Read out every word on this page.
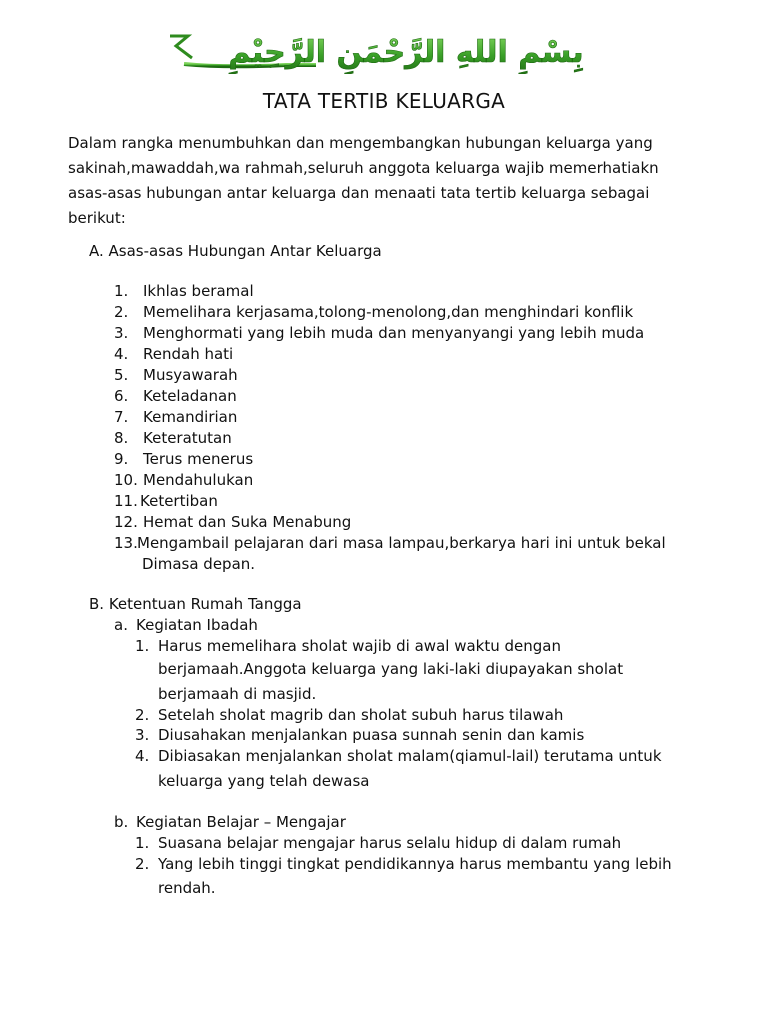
بِسْمِ اللهِ الرَّحْمَنِ الرَّحِيْمِ
TATA TERTIB KELUARGA

Dalam rangka menumbuhkan dan mengembangkan hubungan keluarga yang

sakinah,mawaddah,wa rahmah,seluruh anggota keluarga wajib memerhatiakn

asas-asas hubungan antar keluarga dan menaati tata tertib keluarga sebagai

berikut:

A. Asas-asas Hubungan Antar Keluarga
1. Ikhlas beramal
2. Memelihara kerjasama,tolong-menolong,dan menghindari konflik
3. Menghormati yang lebih muda dan menyanyangi yang lebih muda
4. Rendah hati
5. Musyawarah
6. Keteladanan
7. Kemandirian
8. Keteratutan
9. Terus menerus
10. Mendahulukan
11. Ketertiban
12. Hemat dan Suka Menabung
13.Mengambail pelajaran dari masa lampau,berkarya hari ini untuk bekal
Dimasa depan.
B. Ketentuan Rumah Tangga
a. Kegiatan Ibadah
1. Harus memelihara sholat wajib di awal waktu dengan
berjamaah.Anggota keluarga yang laki-laki diupayakan sholat
berjamaah di masjid.
2. Setelah sholat magrib dan sholat subuh harus tilawah
3. Diusahakan menjalankan puasa sunnah senin dan kamis
4. Dibiasakan menjalankan sholat malam(qiamul-lail) terutama untuk
keluarga yang telah dewasa
b. Kegiatan Belajar – Mengajar
1. Suasana belajar mengajar harus selalu hidup di dalam rumah
2. Yang lebih tinggi tingkat pendidikannya harus membantu yang lebih
rendah.
